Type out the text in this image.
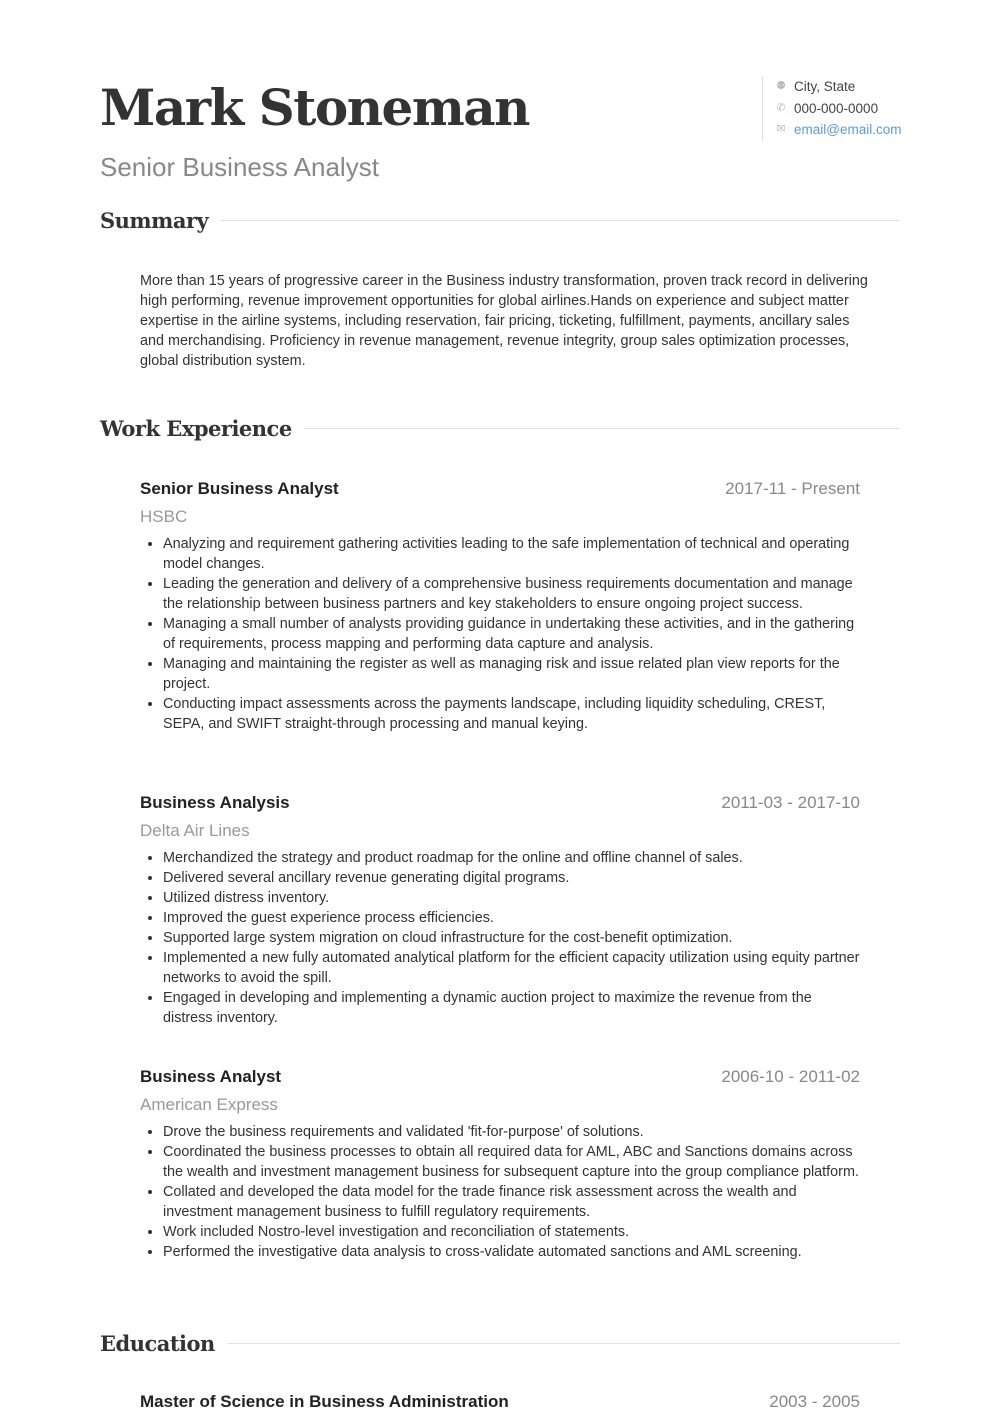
Mark Stoneman
Senior Business Analyst
⚉ City, State
✆ 000-000-0000
✉ email@email.com
Summary
More than 15 years of progressive career in the Business industry transformation, proven track record in delivering high performing, revenue improvement opportunities for global airlines.Hands on experience and subject matter expertise in the airline systems, including reservation, fair pricing, ticketing, fulfillment, payments, ancillary sales and merchandising. Proficiency in revenue management, revenue integrity, group sales optimization processes, global distribution system.
Work Experience
Senior Business Analyst	2017-11 - Present
HSBC
• Analyzing and requirement gathering activities leading to the safe implementation of technical and operating model changes.
• Leading the generation and delivery of a comprehensive business requirements documentation and manage the relationship between business partners and key stakeholders to ensure ongoing project success.
• Managing a small number of analysts providing guidance in undertaking these activities, and in the gathering of requirements, process mapping and performing data capture and analysis.
• Managing and maintaining the register as well as managing risk and issue related plan view reports for the project.
• Conducting impact assessments across the payments landscape, including liquidity scheduling, CREST, SEPA, and SWIFT straight-through processing and manual keying.
Business Analysis	2011-03 - 2017-10
Delta Air Lines
• Merchandized the strategy and product roadmap for the online and offline channel of sales.
• Delivered several ancillary revenue generating digital programs.
• Utilized distress inventory.
• Improved the guest experience process efficiencies.
• Supported large system migration on cloud infrastructure for the cost-benefit optimization.
• Implemented a new fully automated analytical platform for the efficient capacity utilization using equity partner networks to avoid the spill.
• Engaged in developing and implementing a dynamic auction project to maximize the revenue from the distress inventory.
Business Analyst	2006-10 - 2011-02
American Express
• Drove the business requirements and validated 'fit-for-purpose' of solutions.
• Coordinated the business processes to obtain all required data for AML, ABC and Sanctions domains across the wealth and investment management business for subsequent capture into the group compliance platform.
• Collated and developed the data model for the trade finance risk assessment across the wealth and investment management business to fulfill regulatory requirements.
• Work included Nostro-level investigation and reconciliation of statements.
• Performed the investigative data analysis to cross-validate automated sanctions and AML screening.
Education
Master of Science in Business Administration	2003 - 2005
